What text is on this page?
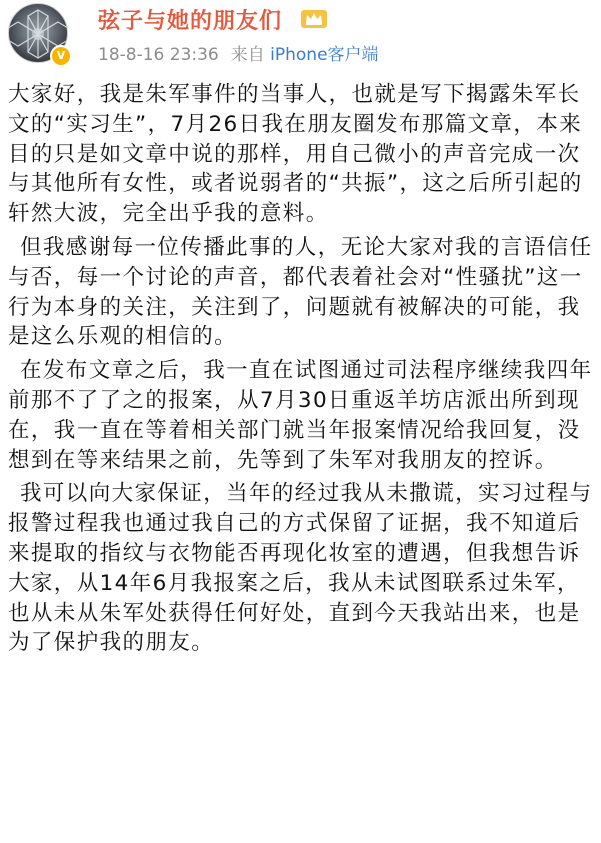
V
弦子与她的朋友们
18-8-16 23:36 来自 iPhone客户端

大家好，我是朱军事件的当事人，也就是写下揭露朱军长文的“实习生”，7月26日我在朋友圈发布那篇文章，本来目的只是如文章中说的那样，用自己微小的声音完成一次与其他所有女性，或者说弱者的“共振”，这之后所引起的轩然大波，完全出乎我的意料。

但我感谢每一位传播此事的人，无论大家对我的言语信任与否，每一个讨论的声音，都代表着社会对“性骚扰”这一行为本身的关注，关注到了，问题就有被解决的可能，我是这么乐观的相信的。

在发布文章之后，我一直在试图通过司法程序继续我四年前那不了了之的报案，从7月30日重返羊坊店派出所到现在，我一直在等着相关部门就当年报案情况给我回复，没想到在等来结果之前，先等到了朱军对我朋友的控诉。

我可以向大家保证，当年的经过我从未撒谎，实习过程与报警过程我也通过我自己的方式保留了证据，我不知道后来提取的指纹与衣物能否再现化妆室的遭遇，但我想告诉大家，从14年6月我报案之后，我从未试图联系过朱军，也从未从朱军处获得任何好处，直到今天我站出来，也是为了保护我的朋友。
